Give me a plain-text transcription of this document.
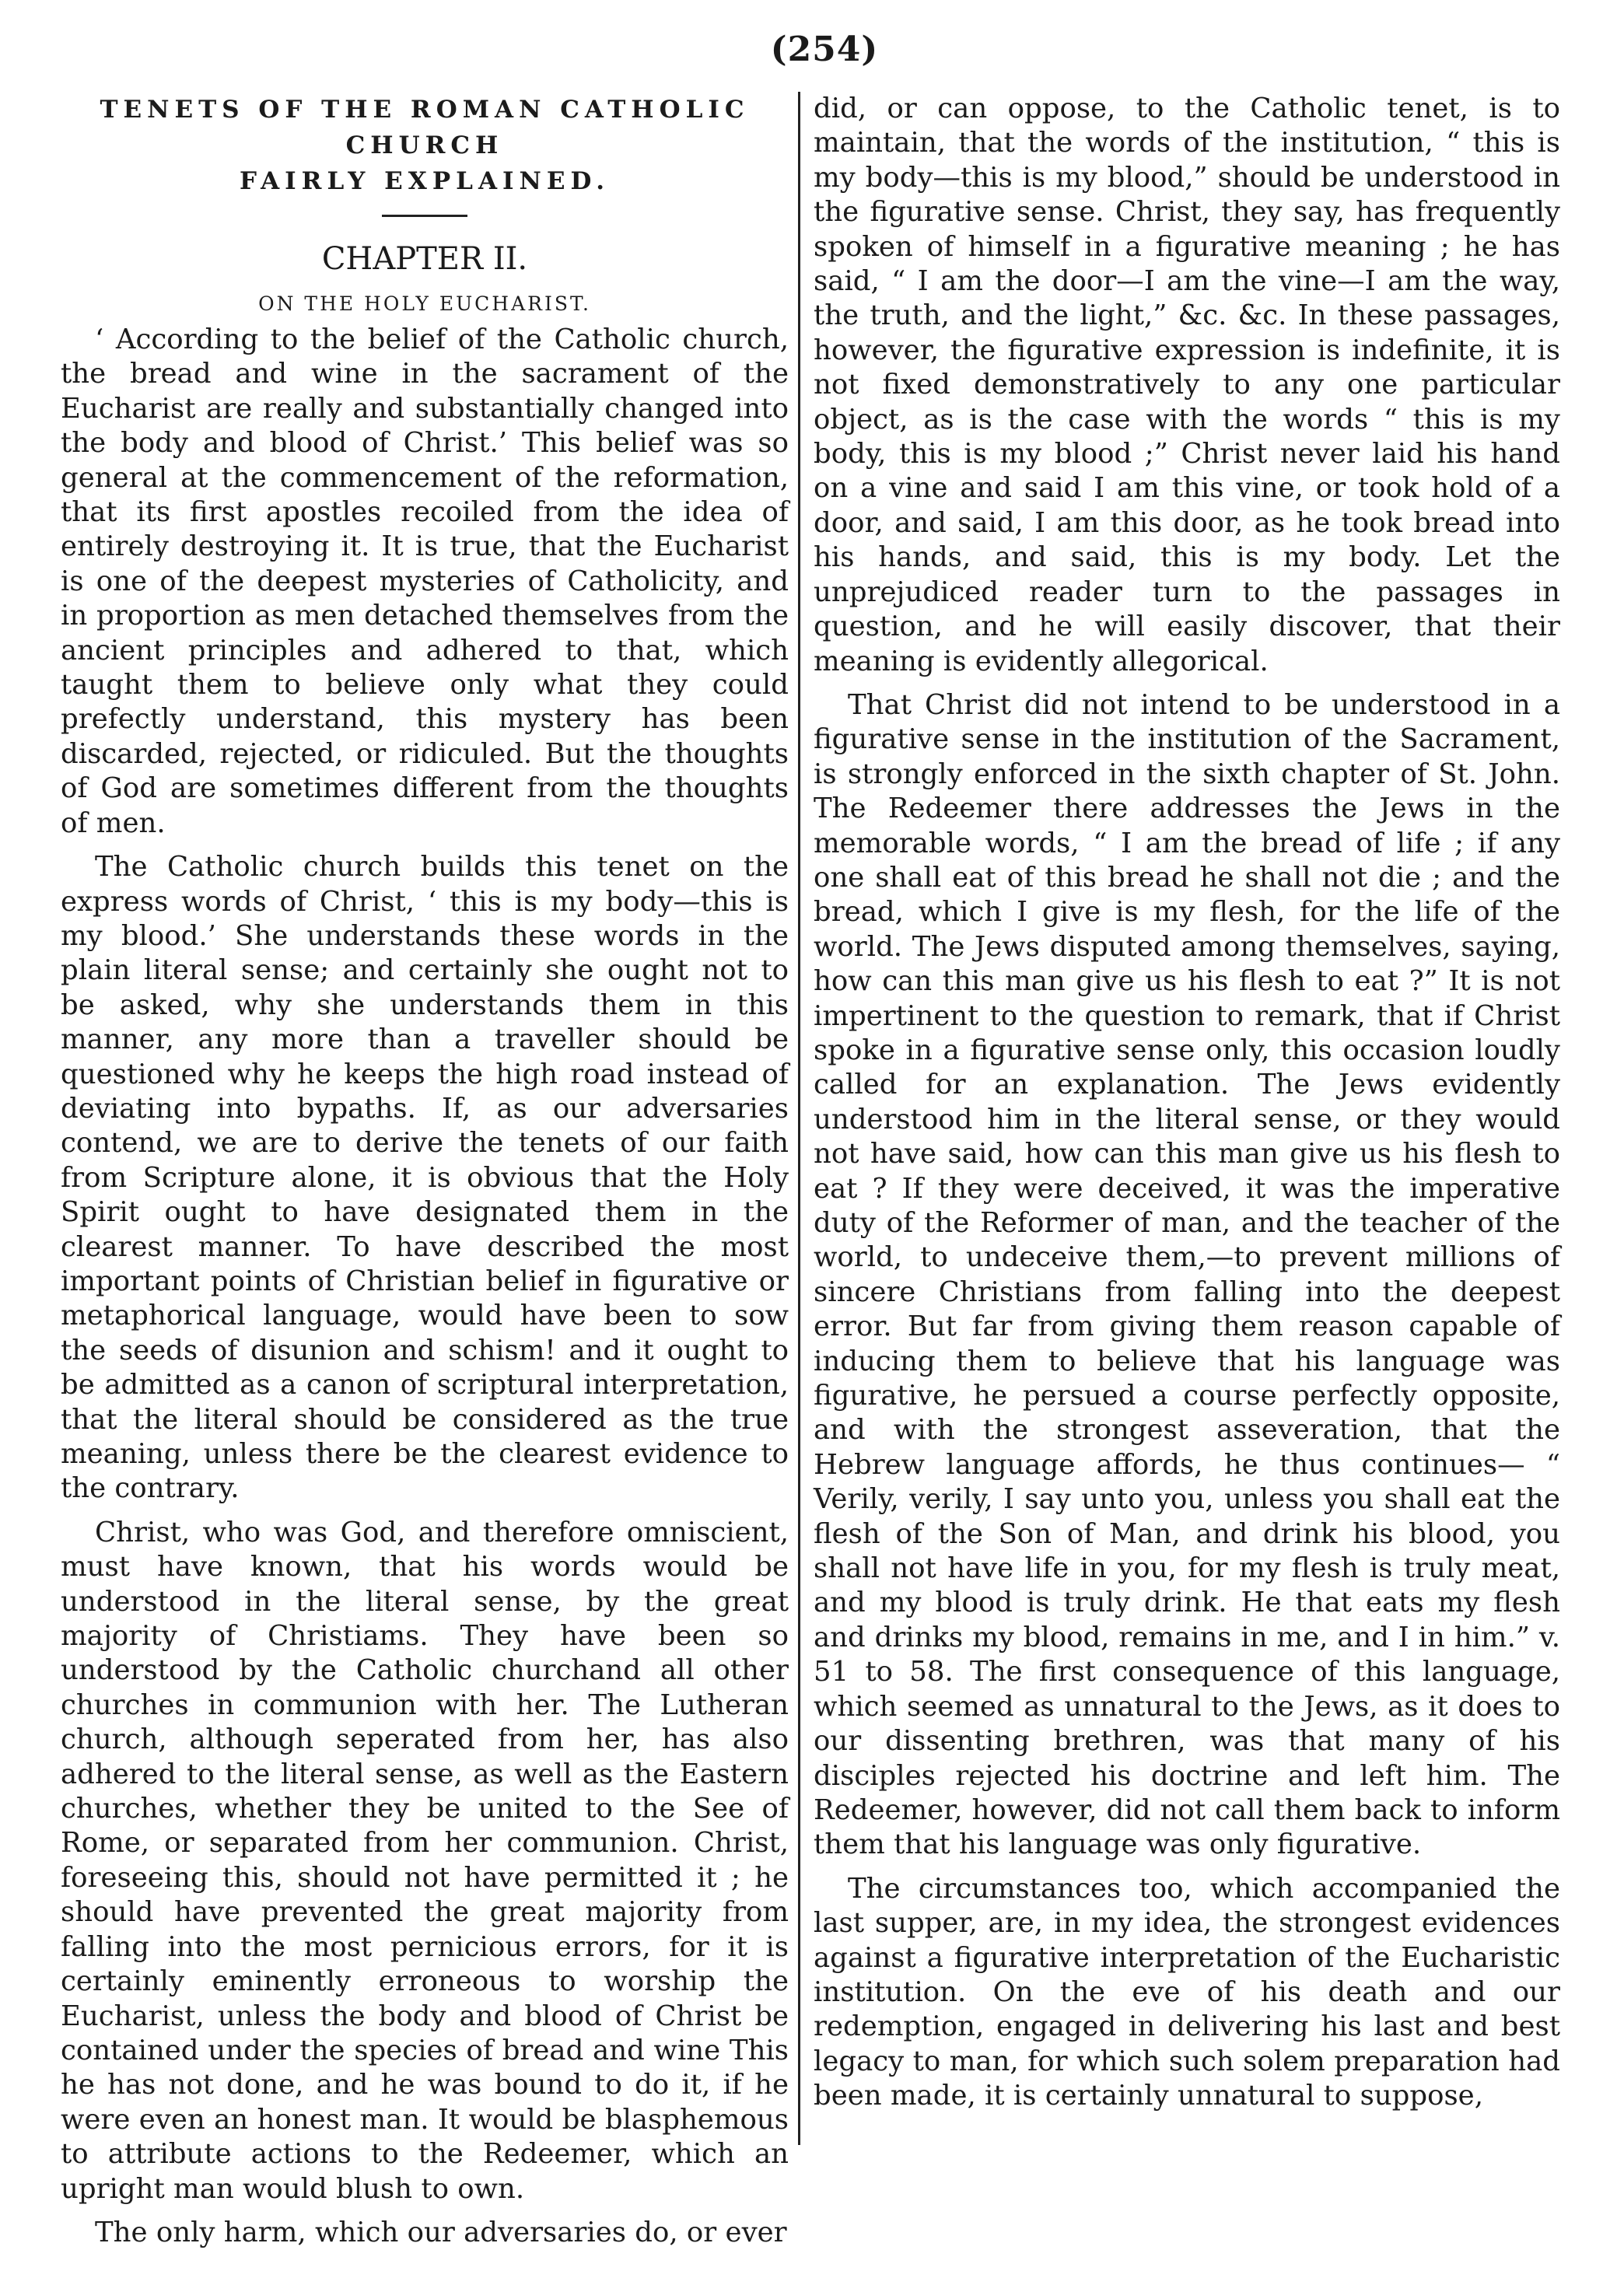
(254)
TENETS OF THE ROMAN CATHOLIC CHURCH
FAIRLY EXPLAINED.
CHAPTER II.
ON THE HOLY EUCHARIST.

‘ According to the belief of the Catholic church, the bread and wine in the sacrament of the Eucharist are really and substantially changed into the body and blood of Christ.’ This belief was so general at the commencement of the reformation, that its first apostles recoiled from the idea of entirely destroying it. It is true, that the Eucharist is one of the deepest mysteries of Catholicity, and in proportion as men detached themselves from the ancient principles and adhered to that, which taught them to believe only what they could prefectly understand, this mystery has been discarded, rejected, or ridiculed. But the thoughts of God are sometimes different from the thoughts of men.

The Catholic church builds this tenet on the express words of Christ, ‘ this is my body—this is my blood.’ She understands these words in the plain literal sense; and certainly she ought not to be asked, why she understands them in this manner, any more than a traveller should be questioned why he keeps the high road instead of deviating into bypaths. If, as our adversaries contend, we are to derive the tenets of our faith from Scripture alone, it is obvious that the Holy Spirit ought to have designated them in the clearest manner. To have described the most important points of Christian belief in figurative or metaphorical language, would have been to sow the seeds of disunion and schism! and it ought to be admitted as a canon of scriptural interpretation, that the literal should be considered as the true meaning, unless there be the clearest evidence to the contrary.

Christ, who was God, and therefore omniscient, must have known, that his words would be understood in the literal sense, by the great majority of Christiams. They have been so understood by the Catholic churchand all other churches in communion with her. The Lutheran church, although seperated from her, has also adhered to the literal sense, as well as the Eastern churches, whether they be united to the See of Rome, or separated from her communion. Christ, foreseeing this, should not have permitted it ; he should have prevented the great majority from falling into the most pernicious errors, for it is certainly eminently erroneous to worship the Eucharist, unless the body and blood of Christ be contained under the species of bread and wine This he has not done, and he was bound to do it, if he were even an honest man. It would be blasphemous to attribute actions to the Redeemer, which an upright man would blush to own.

The only harm, which our adversaries do, or ever

did, or can oppose, to the Catholic tenet, is to maintain, that the words of the institution, “ this is my body—this is my blood,” should be understood in the figurative sense. Christ, they say, has frequently spoken of himself in a figurative meaning ; he has said, “ I am the door—I am the vine—I am the way, the truth, and the light,” &c. &c. In these passages, however, the figurative expression is indefinite, it is not fixed demonstratively to any one particular object, as is the case with the words “ this is my body, this is my blood ;” Christ never laid his hand on a vine and said I am this vine, or took hold of a door, and said, I am this door, as he took bread into his hands, and said, this is my body. Let the unprejudiced reader turn to the passages in question, and he will easily discover, that their meaning is evidently allegorical.

That Christ did not intend to be understood in a figurative sense in the institution of the Sacrament, is strongly enforced in the sixth chapter of St. John. The Redeemer there addresses the Jews in the memorable words, “ I am the bread of life ; if any one shall eat of this bread he shall not die ; and the bread, which I give is my flesh, for the life of the world. The Jews disputed among themselves, saying, how can this man give us his flesh to eat ?” It is not impertinent to the question to remark, that if Christ spoke in a figurative sense only, this occasion loudly called for an explanation. The Jews evidently understood him in the literal sense, or they would not have said, how can this man give us his flesh to eat ? If they were deceived, it was the imperative duty of the Reformer of man, and the teacher of the world, to undeceive them,—to prevent millions of sincere Christians from falling into the deepest error. But far from giving them reason capable of inducing them to believe that his language was figurative, he persued a course perfectly opposite, and with the strongest asseveration, that the Hebrew language affords, he thus continues— “ Verily, verily, I say unto you, unless you shall eat the flesh of the Son of Man, and drink his blood, you shall not have life in you, for my flesh is truly meat, and my blood is truly drink. He that eats my flesh and drinks my blood, remains in me, and I in him.” v. 51 to 58. The first consequence of this language, which seemed as unnatural to the Jews, as it does to our dissenting brethren, was that many of his disciples rejected his doctrine and left him. The Redeemer, however, did not call them back to inform them that his language was only figurative.

The circumstances too, which accompanied the last supper, are, in my idea, the strongest evidences against a figurative interpretation of the Eucharistic institution. On the eve of his death and our redemption, engaged in delivering his last and best legacy to man, for which such solem preparation had been made, it is certainly unnatural to suppose,
